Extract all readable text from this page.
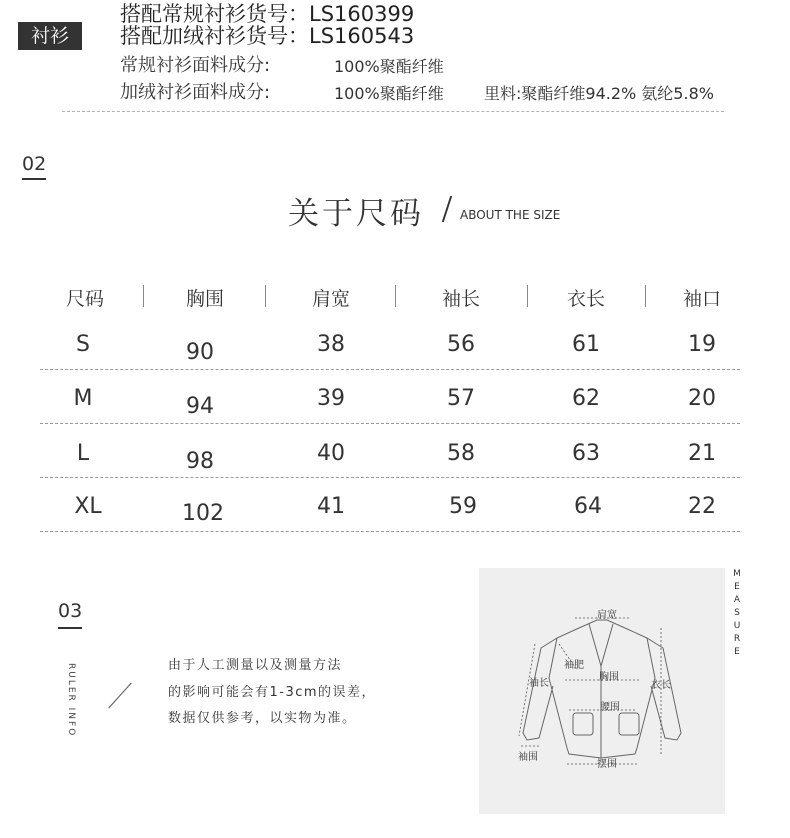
衬衫
搭配常规衬衫货号：LS160399
搭配加绒衬衫货号：LS160543
常规衬衫面料成分:	100%聚酯纤维
加绒衬衫面料成分:	100%聚酯纤维	里料:聚酯纤维94.2% 氨纶5.8%
02
关于尺码	ABOUT THE SIZE
尺码	胸围	肩宽	袖长	衣长	袖口
S	90	38	56	61	19
M	94	39	57	62	20
L	98	40	58	63	21
XL	102	41	59	64	22
03
RULER INFO	由于人工测量以及测量方法
的影响可能会有1-3cm的误差，
数据仅供参考，以实物为准。
肩宽
袖肥
袖长
胸围
衣长
腰围
袖围
摆围
MEASURE
